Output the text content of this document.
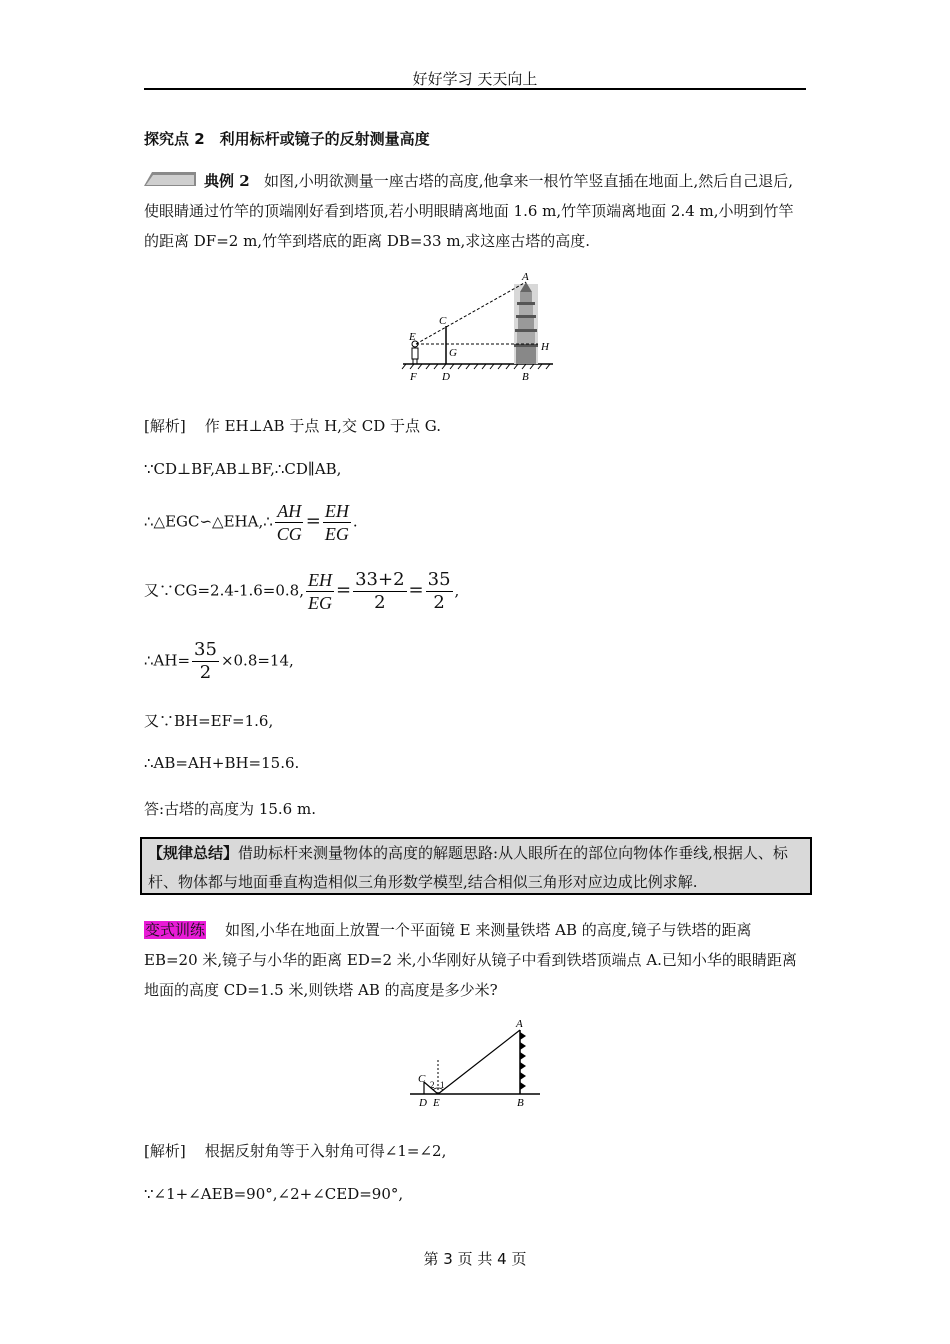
好好学习 天天向上
探究点 2　利用标杆或镜子的反射测量高度
典例 2 如图,小明欲测量一座古塔的高度,他拿来一根竹竿竖直插在地面上,然后自己退后,使眼睛通过竹竿的顶端刚好看到塔顶,若小明眼睛离地面 1.6 m,竹竿顶端离地面 2.4 m,小明到竹竿的距离 DF=2 m,竹竿到塔底的距离 DB=33 m,求这座古塔的高度.
A
C
E
G	H
F D	B
[解析] 作 EH⊥AB 于点 H,交 CD 于点 G.
∵CD⊥BF,AB⊥BF,∴CD∥AB,
∴△EGC∽△EHA,∴ $\frac{AH}{CG} = \frac{EH}{EG}$ .
又∵CG=2.4-1.6=0.8, $\frac{EH}{EG} = \frac{33+2}{2} = \frac{35}{2}$ ,
∴AH= $\frac{35}{2} \times 0.8=14$,
又∵BH=EF=1.6,
∴AB=AH+BH=15.6.
答:古塔的高度为 15.6 m.
【规律总结】借助标杆来测量物体的高度的解题思路:从人眼所在的部位向物体作垂线,根据人、标杆、物体都与地面垂直构造相似三角形数学模型,结合相似三角形对应边成比例求解.
变式训练 如图,小华在地面上放置一个平面镜 E 来测量铁塔 AB 的高度,镜子与铁塔的距离 EB=20 米,镜子与小华的距离 ED=2 米,小华刚好从镜子中看到铁塔顶端点 A.已知小华的眼睛距离地面的高度 CD=1.5 米,则铁塔 AB 的高度是多少米?
A
C 2 1
D E	B
[解析] 根据反射角等于入射角可得∠1=∠2,
∵∠1+∠AEB=90°,∠2+∠CED=90°,
第 3 页 共 4 页
